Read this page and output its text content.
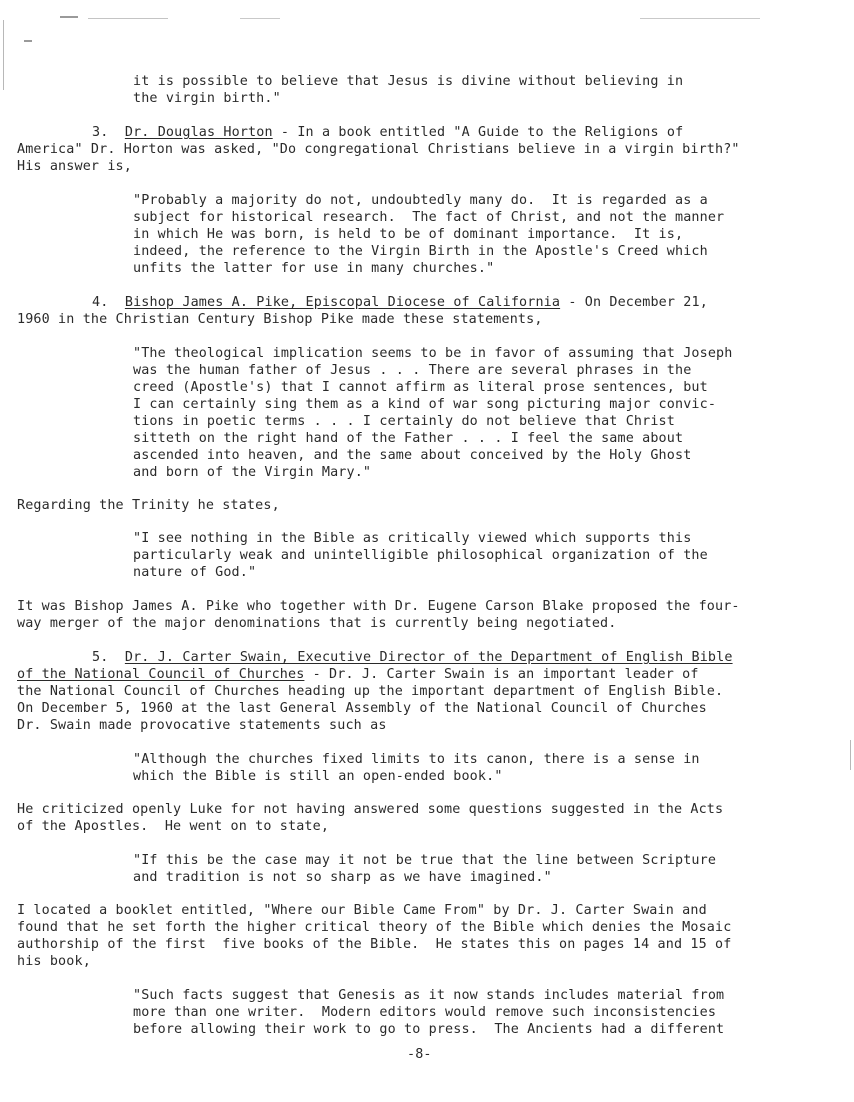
it is possible to believe that Jesus is divine without believing in

the virgin birth."

3. Dr. Douglas Horton - In a book entitled "A Guide to the Religions of

America" Dr. Horton was asked, "Do congregational Christians believe in a virgin birth?"

His answer is,

"Probably a majority do not, undoubtedly many do.  It is regarded as a

subject for historical research.  The fact of Christ, and not the manner

in which He was born, is held to be of dominant importance.  It is,

indeed, the reference to the Virgin Birth in the Apostle's Creed which

unfits the latter for use in many churches."

4. Bishop James A. Pike, Episcopal Diocese of California - On December 21,

1960 in the Christian Century Bishop Pike made these statements,

"The theological implication seems to be in favor of assuming that Joseph

was the human father of Jesus . . . There are several phrases in the

creed (Apostle's) that I cannot affirm as literal prose sentences, but

I can certainly sing them as a kind of war song picturing major convic-

tions in poetic terms . . . I certainly do not believe that Christ

sitteth on the right hand of the Father . . . I feel the same about

ascended into heaven, and the same about conceived by the Holy Ghost

and born of the Virgin Mary."

Regarding the Trinity he states,

"I see nothing in the Bible as critically viewed which supports this

particularly weak and unintelligible philosophical organization of the

nature of God."

It was Bishop James A. Pike who together with Dr. Eugene Carson Blake proposed the four-

way merger of the major denominations that is currently being negotiated.

5. Dr. J. Carter Swain, Executive Director of the Department of English Bible

of the National Council of Churches - Dr. J. Carter Swain is an important leader of

the National Council of Churches heading up the important department of English Bible.

On December 5, 1960 at the last General Assembly of the National Council of Churches

Dr. Swain made provocative statements such as

"Although the churches fixed limits to its canon, there is a sense in

which the Bible is still an open-ended book."

He criticized openly Luke for not having answered some questions suggested in the Acts

of the Apostles.  He went on to state,

"If this be the case may it not be true that the line between Scripture

and tradition is not so sharp as we have imagined."

I located a booklet entitled, "Where our Bible Came From" by Dr. J. Carter Swain and

found that he set forth the higher critical theory of the Bible which denies the Mosaic

authorship of the first  five books of the Bible.  He states this on pages 14 and 15 of

his book,

"Such facts suggest that Genesis as it now stands includes material from

more than one writer.  Modern editors would remove such inconsistencies

before allowing their work to go to press.  The Ancients had a different

-8-
